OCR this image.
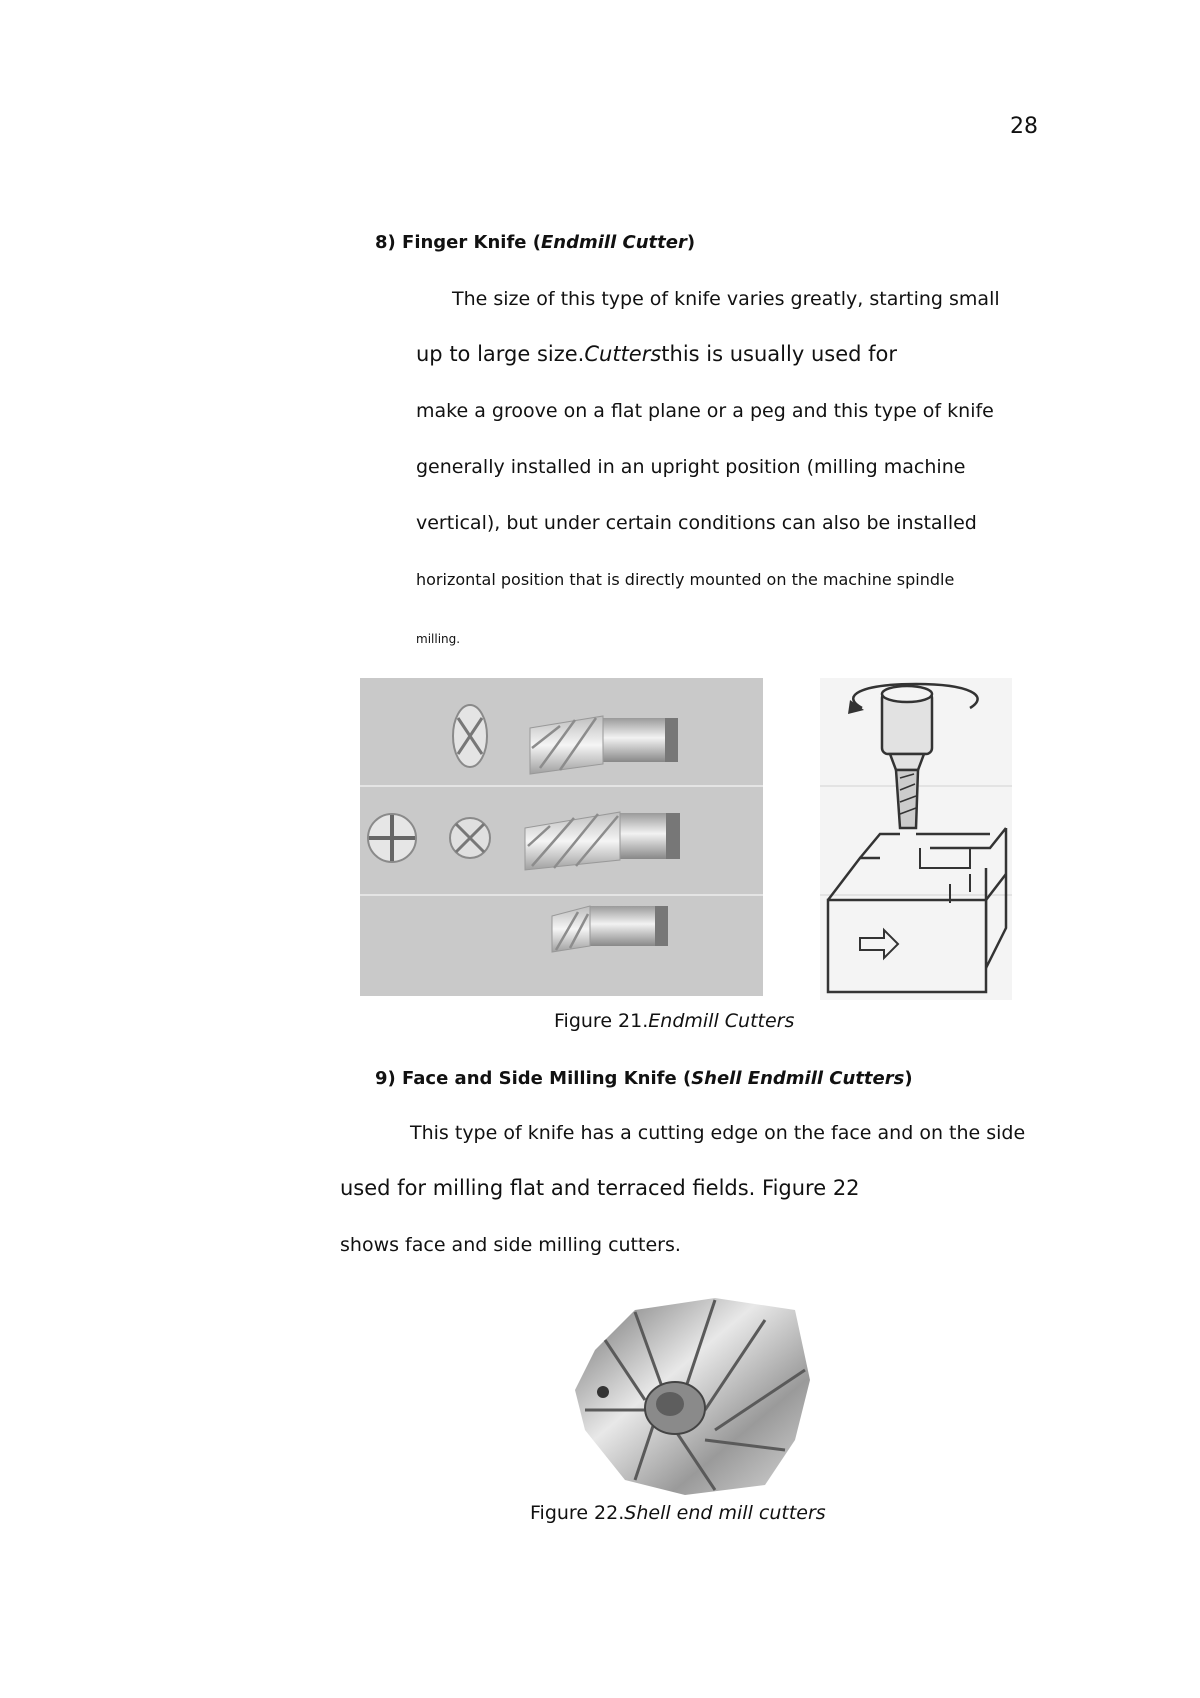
28
8) Finger Knife (Endmill Cutter)
The size of this type of knife varies greatly, starting small
up to large size.Cuttersthis is usually used for
make a groove on a flat plane or a peg and this type of knife
generally installed in an upright position (milling machine
vertical), but under certain conditions can also be installed
horizontal position that is directly mounted on the machine spindle
milling.
Figure 21.Endmill Cutters
9) Face and Side Milling Knife (Shell Endmill Cutters)
This type of knife has a cutting edge on the face and on the side
used for milling flat and terraced fields. Figure 22
shows face and side milling cutters.
Figure 22.Shell end mill cutters
